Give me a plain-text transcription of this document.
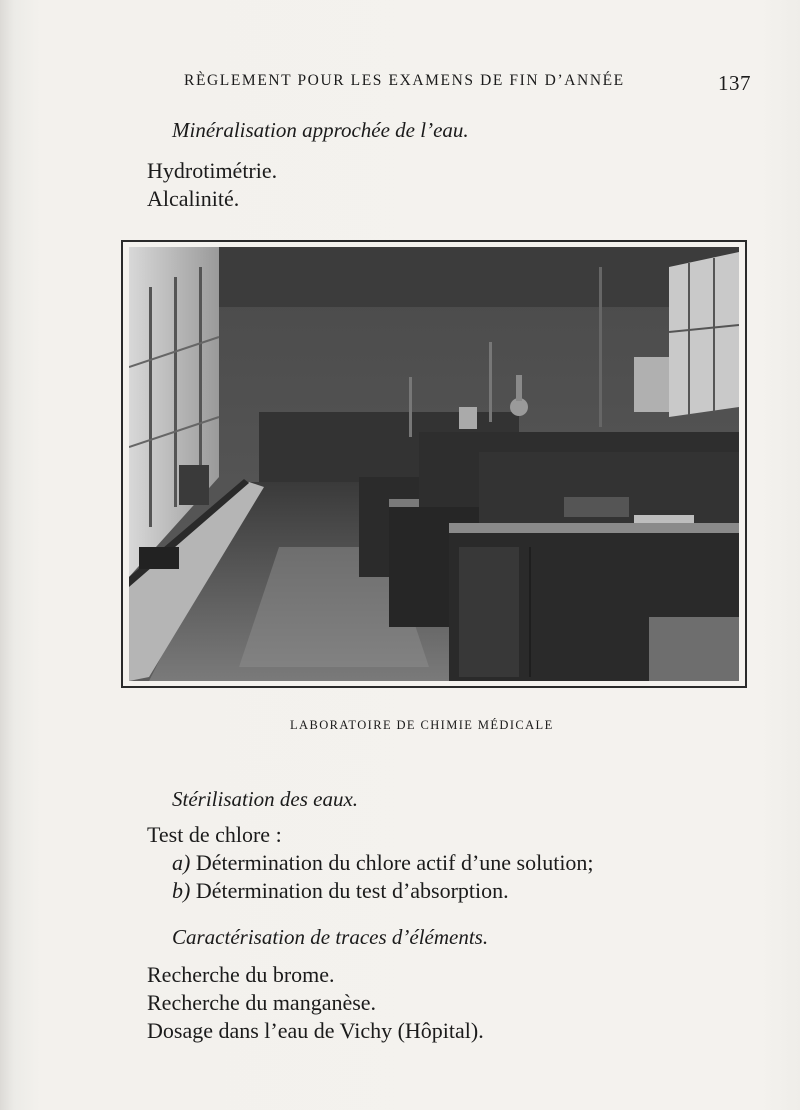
RÈGLEMENT POUR LES EXAMENS DE FIN D’ANNÉE	137
Minéralisation approchée de l’eau.
Hydrotimétrie.
Alcalinité.
LABORATOIRE DE CHIMIE MÉDICALE
Stérilisation des eaux.
Test de chlore :
a) Détermination du chlore actif d’une solution;
b) Détermination du test d’absorption.
Caractérisation de traces d’éléments.
Recherche du brome.
Recherche du manganèse.
Dosage dans l’eau de Vichy (Hôpital).
